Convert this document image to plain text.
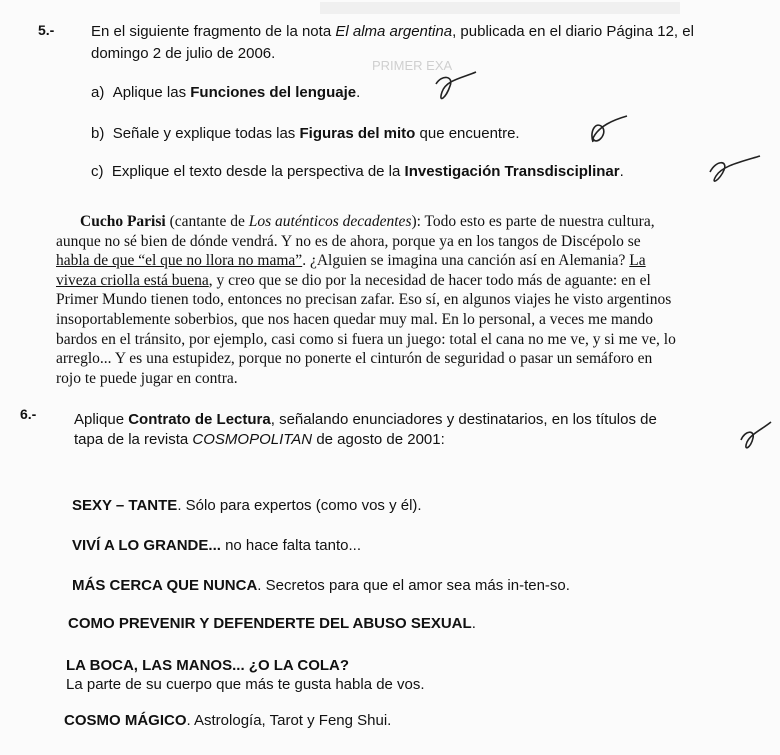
PRIMER EXA
5.- En el siguiente fragmento de la nota El alma argentina, publicada en el diario Página 12, el
domingo 2 de julio de 2006.
a) Aplique las Funciones del lenguaje.
b) Señale y explique todas las Figuras del mito que encuentre.
c) Explique el texto desde la perspectiva de la Investigación Transdisciplinar.
Cucho Parisi (cantante de Los auténticos decadentes): Todo esto es parte de nuestra cultura,
aunque no sé bien de dónde vendrá. Y no es de ahora, porque ya en los tangos de Discépolo se
habla de que “el que no llora no mama”. ¿Alguien se imagina una canción así en Alemania? La
viveza criolla está buena, y creo que se dio por la necesidad de hacer todo más de aguante: en el
Primer Mundo tienen todo, entonces no precisan zafar. Eso sí, en algunos viajes he visto argentinos
insoportablemente soberbios, que nos hacen quedar muy mal. En lo personal, a veces me mando
bardos en el tránsito, por ejemplo, casi como si fuera un juego: total el cana no me ve, y si me ve, lo
arreglo... Y es una estupidez, porque no ponerte el cinturón de seguridad o pasar un semáforo en
rojo te puede jugar en contra.
6.-	Aplique Contrato de Lectura, señalando enunciadores y destinatarios, en los títulos de
tapa de la revista COSMOPOLITAN de agosto de 2001:
SEXY – TANTE. Sólo para expertos (como vos y él).
VIVÍ A LO GRANDE... no hace falta tanto...
MÁS CERCA QUE NUNCA. Secretos para que el amor sea más in-ten-so.
COMO PREVENIR Y DEFENDERTE DEL ABUSO SEXUAL.
LA BOCA, LAS MANOS... ¿O LA COLA?
La parte de su cuerpo que más te gusta habla de vos.
COSMO MÁGICO. Astrología, Tarot y Feng Shui.
